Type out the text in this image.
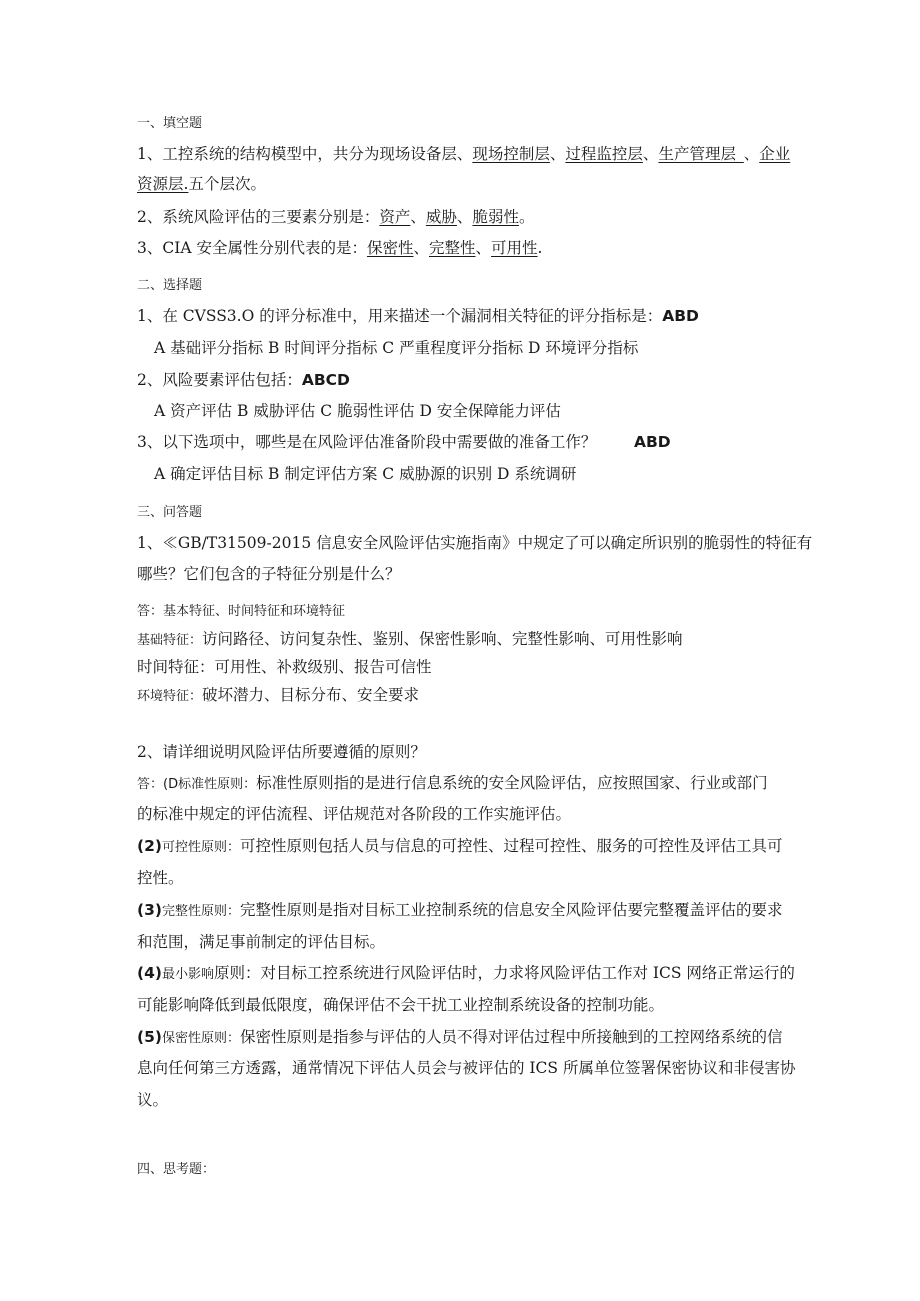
一、填空题
1、工控系统的结构模型中，共分为现场设备层、现场控制层、过程监控层、生产管理层_、企业
资源层.五个层次。
2、系统风险评估的三要素分别是：资产、威胁、脆弱性。
3、CIA 安全属性分别代表的是：保密性、完整性、可用性.
二、选择题
1、在 CVSS3.O 的评分标准中，用来描述一个漏洞相关特征的评分指标是：ABD
A 基础评分指标 B 时间评分指标 C 严重程度评分指标 D 环境评分指标
2、风险要素评估包括：ABCD
A 资产评估 B 威胁评估 C 脆弱性评估 D 安全保障能力评估
3、以下选项中，哪些是在风险评估准备阶段中需要做的准备工作？ ABD
A 确定评估目标 B 制定评估方案 C 威胁源的识别 D 系统调研
三、问答题
1、≪GB/T31509-2015 信息安全风险评估实施指南》中规定了可以确定所识别的脆弱性的特征有
哪些？它们包含的子特征分别是什么？
答：基本特征、时间特征和环境特征
基础特征：访问路径、访问复杂性、鉴别、保密性影响、完整性影响、可用性影响
时间特征：可用性、补救级别、报告可信性
环境特征：破坏潜力、目标分布、安全要求
2、请详细说明风险评估所要遵循的原则？
答：(D标准性原则：标准性原则指的是进行信息系统的安全风险评估，应按照国家、行业或部门
的标准中规定的评估流程、评估规范对各阶段的工作实施评估。
(2)可控性原则：可控性原则包括人员与信息的可控性、过程可控性、服务的可控性及评估工具可
控性。
(3)完整性原则：完整性原则是指对目标工业控制系统的信息安全风险评估要完整覆盖评估的要求
和范围，满足事前制定的评估目标。
(4)最小影响原则：对目标工控系统进行风险评估时，力求将风险评估工作对 ICS 网络正常运行的
可能影响降低到最低限度，确保评估不会干扰工业控制系统设备的控制功能。
(5)保密性原则：保密性原则是指参与评估的人员不得对评估过程中所接触到的工控网络系统的信
息向任何第三方透露，通常情况下评估人员会与被评估的 ICS 所属单位签署保密协议和非侵害协
议。
四、思考题：
